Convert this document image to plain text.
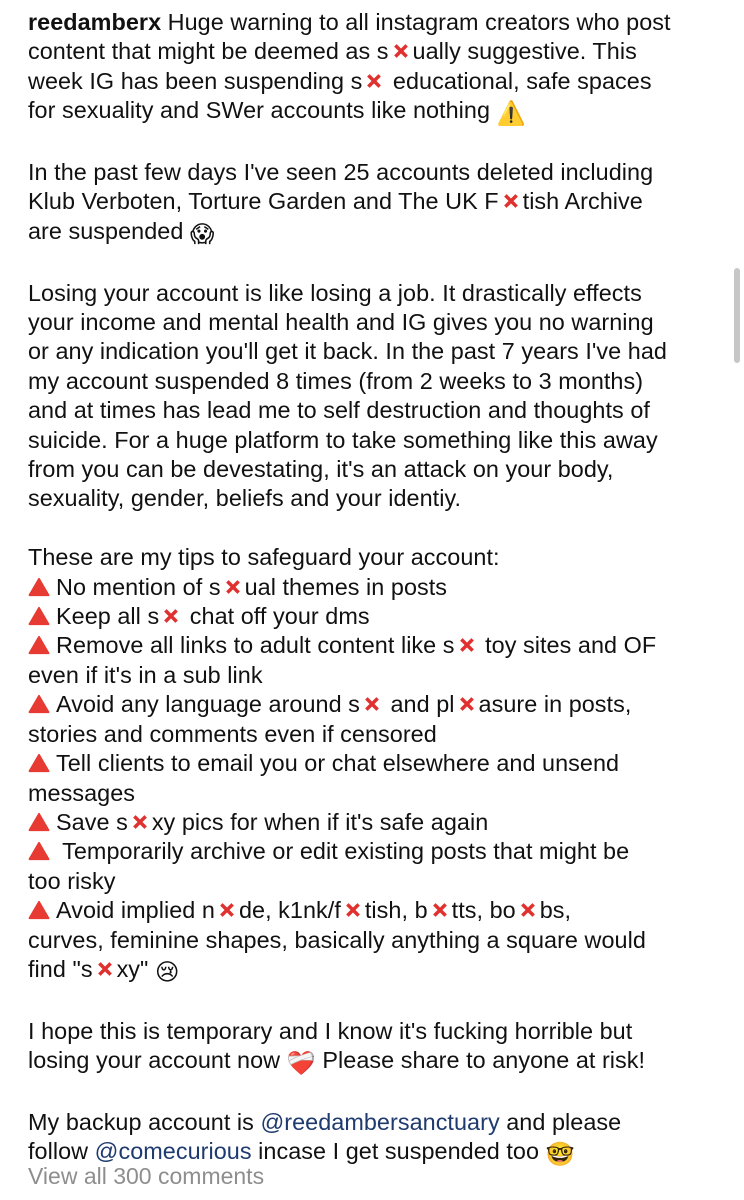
reedamberx Huge warning to all instagram creators who post
content that might be deemed as s ually suggestive. This
week IG has been suspending s educational, safe spaces
for sexuality and SWer accounts like nothing ⚠️
In the past few days I've seen 25 accounts deleted including
Klub Verboten, Torture Garden and The UK F tish Archive
are suspended 😱
Losing your account is like losing a job. It drastically effects
your income and mental health and IG gives you no warning
or any indication you'll get it back. In the past 7 years I've had
my account suspended 8 times (from 2 weeks to 3 months)
and at times has lead me to self destruction and thoughts of
suicide. For a huge platform to take something like this away
from you can be devestating, it's an attack on your body,
sexuality, gender, beliefs and your identiy.
These are my tips to safeguard your account:
No mention of s ual themes in posts
Keep all s chat off your dms
Remove all links to adult content like s toy sites and OF
even if it's in a sub link
Avoid any language around s and pl asure in posts,
stories and comments even if censored
Tell clients to email you or chat elsewhere and unsend
messages
Save s xy pics for when if it's safe again
Temporarily archive or edit existing posts that might be
too risky
Avoid implied n de, k1nk/f tish, b tts, bo bs,
curves, feminine shapes, basically anything a square would
find "s xy" 😢
I hope this is temporary and I know it's fucking horrible but
losing your account now ❤️‍🩹 Please share to anyone at risk!
My backup account is @reedambersanctuary and please
follow @comecurious incase I get suspended too 🤓
View all 300 comments
